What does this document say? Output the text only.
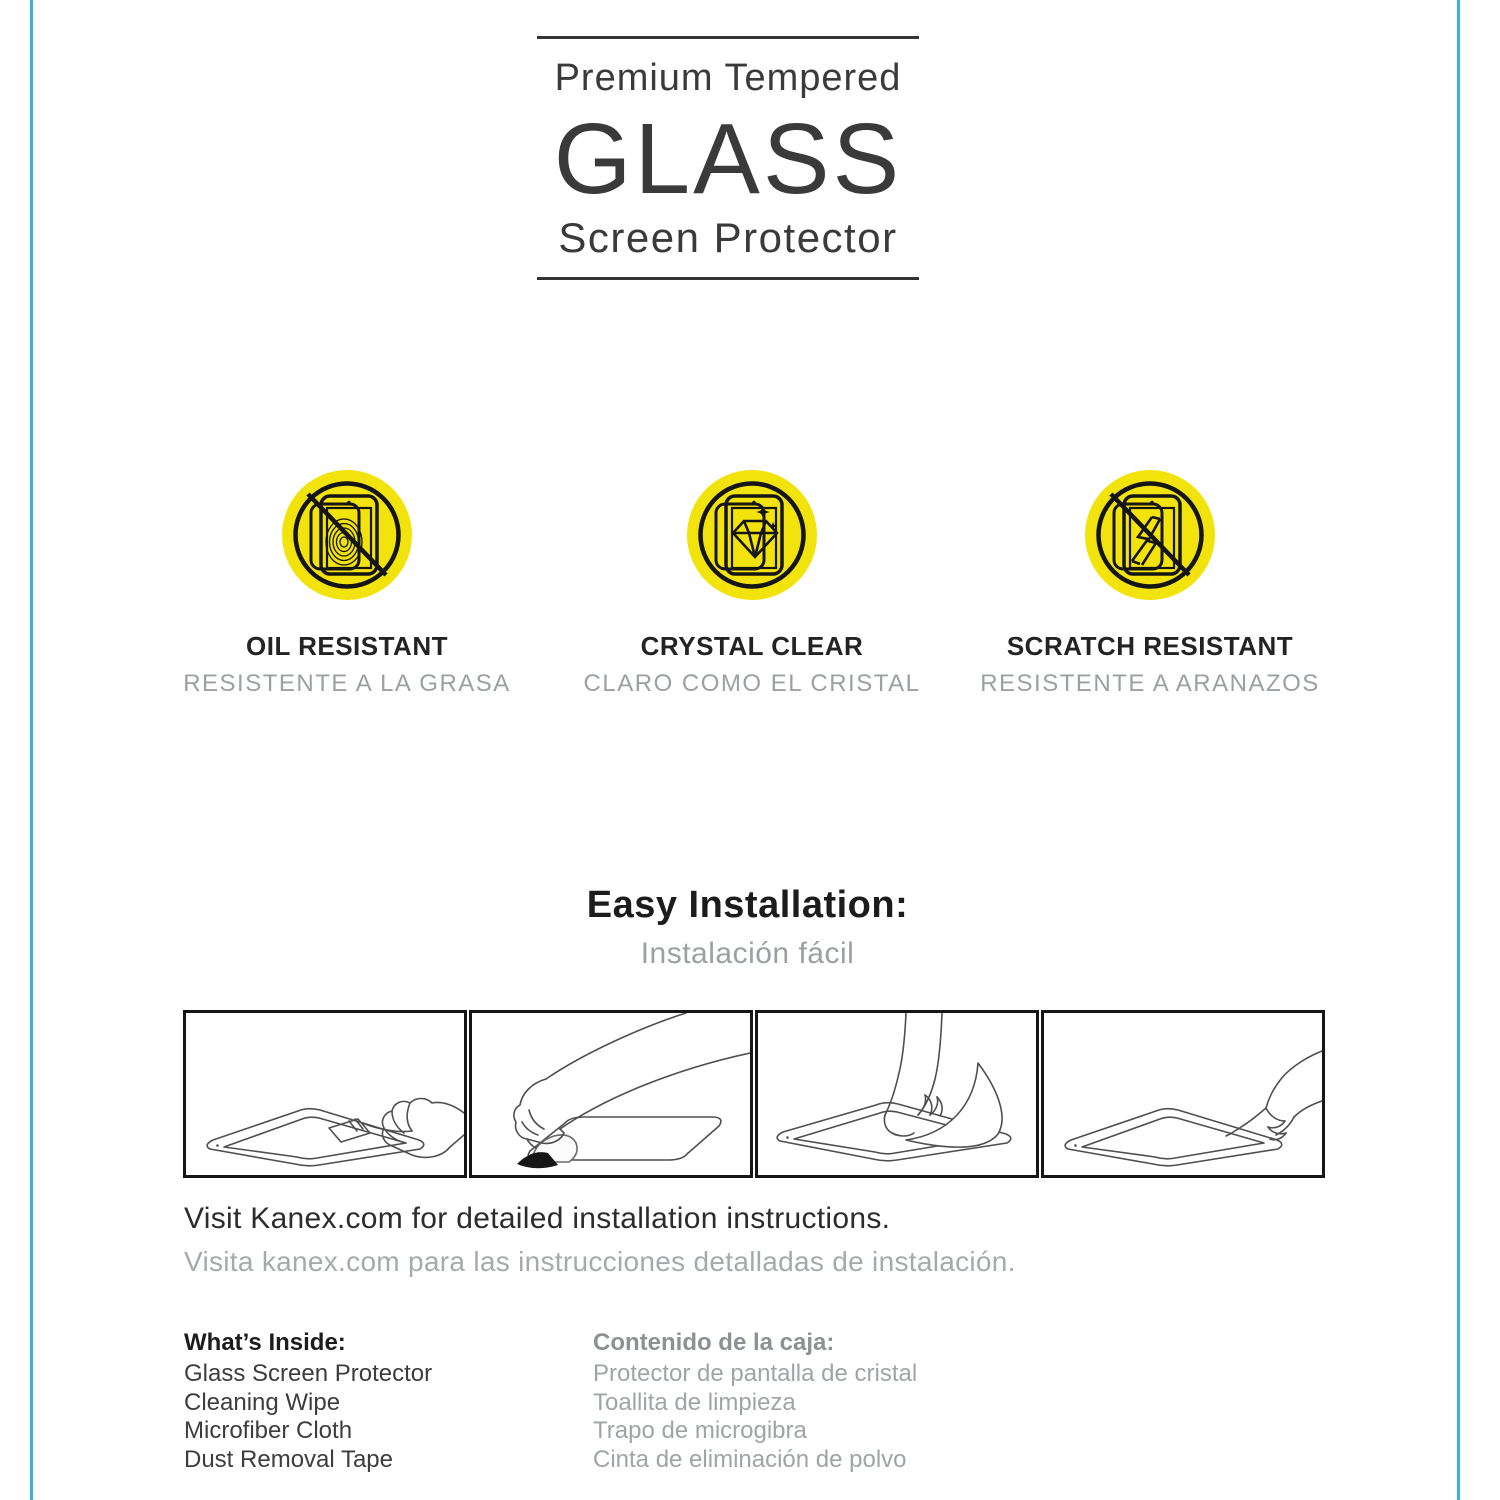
Premium Tempered
GLASS
Screen Protector
OIL RESISTANT
RESISTENTE A LA GRASA
CRYSTAL CLEAR
CLARO COMO EL CRISTAL
SCRATCH RESISTANT
RESISTENTE A ARANAZOS
Easy Installation:
Instalación fácil
Visit Kanex.com for detailed installation instructions.
Visita kanex.com para las instrucciones detalladas de instalación.
What’s Inside:
Glass Screen Protector
Cleaning Wipe
Microfiber Cloth
Dust Removal Tape
Contenido de la caja:
Protector de pantalla de cristal
Toallita de limpieza
Trapo de microgibra
Cinta de eliminación de polvo
